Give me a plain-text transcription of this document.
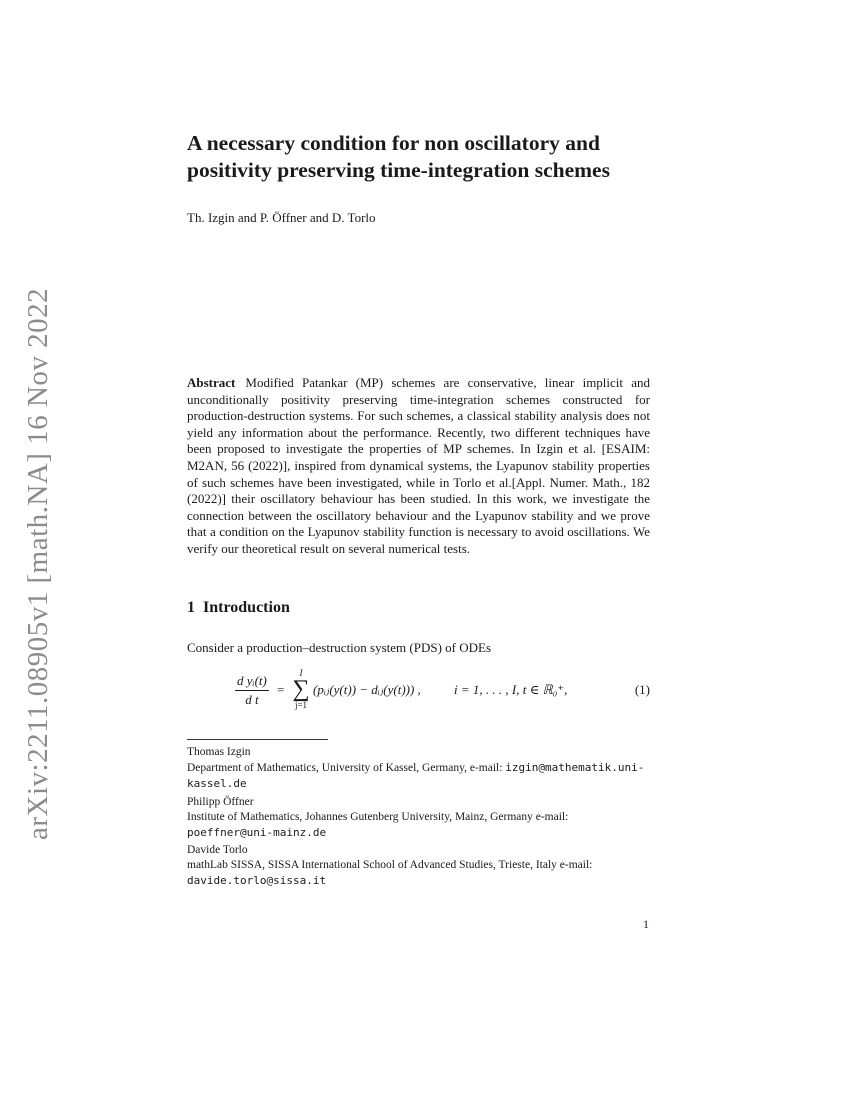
arXiv:2211.08905v1 [math.NA] 16 Nov 2022
A necessary condition for non oscillatory and
positivity preserving time-integration schemes
Th. Izgin and P. Öffner and D. Torlo
Abstract Modified Patankar (MP) schemes are conservative, linear implicit and unconditionally positivity preserving time-integration schemes constructed for production-destruction systems. For such schemes, a classical stability analysis does not yield any information about the performance. Recently, two different techniques have been proposed to investigate the properties of MP schemes. In Izgin et al. [ESAIM: M2AN, 56 (2022)], inspired from dynamical systems, the Lyapunov stability properties of such schemes have been investigated, while in Torlo et al.[Appl. Numer. Math., 182 (2022)] their oscillatory behaviour has been studied. In this work, we investigate the connection between the oscillatory behaviour and the Lyapunov stability and we prove that a condition on the Lyapunov stability function is necessary to avoid oscillations. We verify our theoretical result on several numerical tests.
1 Introduction
Consider a production–destruction system (PDS) of ODEs
$\frac{\text{d yᵢ(t)}}{\text{d t}}$ =
I
∑
j=1
(pᵢⱼ(y(t)) − dᵢⱼ(y(t))) ,	i = 1, . . . , I, t ∈ ℝ₀⁺,	(1)
Thomas Izgin
Department of Mathematics, University of Kassel, Germany, e-mail: izgin@mathematik.uni-kassel.de
Philipp Öffner
Institute of Mathematics, Johannes Gutenberg University, Mainz, Germany e-mail: poeffner@uni-mainz.de
Davide Torlo
mathLab SISSA, SISSA International School of Advanced Studies, Trieste, Italy e-mail: davide.torlo@sissa.it
1
